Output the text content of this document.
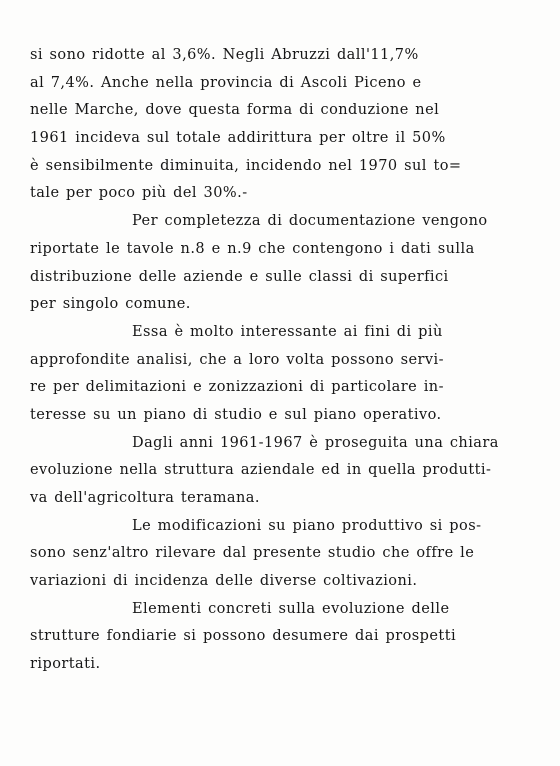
si sono ridotte al 3,6%. Negli Abruzzi dall'11,7%
al 7,4%. Anche nella provincia di Ascoli Piceno e
nelle Marche, dove questa forma di conduzione nel
1961 incideva sul totale addirittura per oltre il 50%
è sensibilmente diminuita, incidendo nel 1970 sul to=
tale per poco più del 30%.-
Per completezza di documentazione vengono
riportate le tavole n.8 e n.9 che contengono i dati sulla
distribuzione delle aziende e sulle classi di superfici
per singolo comune.
Essa è molto interessante ai fini di più
approfondite analisi, che a loro volta possono servi-
re per delimitazioni e zonizzazioni di particolare in-
teresse su un piano di studio e sul piano operativo.
Dagli anni 1961-1967 è proseguita una chiara
evoluzione nella struttura aziendale ed in quella produtti-
va dell'agricoltura teramana.
Le modificazioni su piano produttivo si pos-
sono senz'altro rilevare dal presente studio che offre le
variazioni di incidenza delle diverse coltivazioni.
Elementi concreti sulla evoluzione delle
strutture fondiarie si possono desumere dai prospetti
riportati.
